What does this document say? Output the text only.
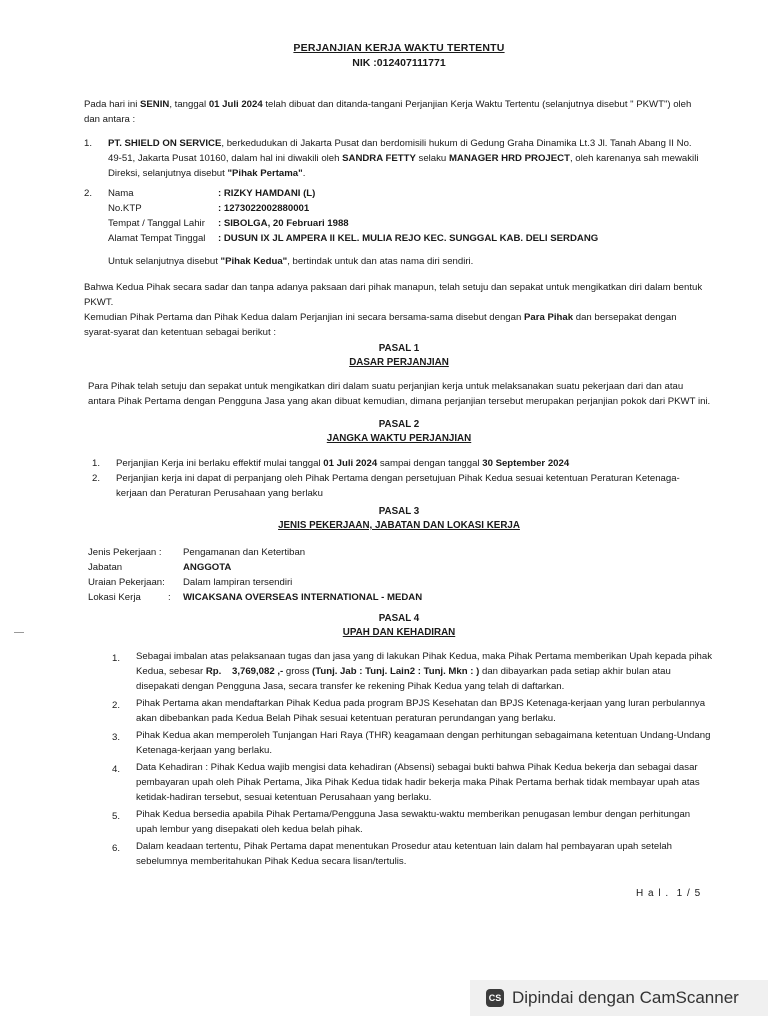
PERJANJIAN KERJA WAKTU TERTENTU
NIK :012407111771
Pada hari ini SENIN, tanggal 01 Juli 2024 telah dibuat dan ditanda-tangani Perjanjian Kerja Waktu Tertentu (selanjutnya disebut " PKWT") oleh
dan antara :
1.	PT. SHIELD ON SERVICE, berkedudukan di Jakarta Pusat dan berdomisili hukum di Gedung Graha Dinamika Lt.3 Jl. Tanah Abang II No.
49-51, Jakarta Pusat 10160, dalam hal ini diwakili oleh SANDRA FETTY selaku MANAGER HRD PROJECT, oleh karenanya sah mewakili
Direksi, selanjutnya disebut "Pihak Pertama".
2.	Nama	: RIZKY HAMDANI (L)
No.KTP	: 1273022002880001
Tempat / Tanggal Lahir : SIBOLGA, 20 Februari 1988
Alamat Tempat Tinggal : DUSUN IX JL AMPERA II KEL. MULIA REJO KEC. SUNGGAL KAB. DELI SERDANG
Untuk selanjutnya disebut "Pihak Kedua", bertindak untuk dan atas nama diri sendiri.
Bahwa Kedua Pihak secara sadar dan tanpa adanya paksaan dari pihak manapun, telah setuju dan sepakat untuk mengikatkan diri dalam bentuk
PKWT.
Kemudian Pihak Pertama dan Pihak Kedua dalam Perjanjian ini secara bersama-sama disebut dengan Para Pihak dan bersepakat dengan
syarat-syarat dan ketentuan sebagai berikut :
PASAL 1
DASAR PERJANJIAN
Para Pihak telah setuju dan sepakat untuk mengikatkan diri dalam suatu perjanjian kerja untuk melaksanakan suatu pekerjaan dari dan atau
antara Pihak Pertama dengan Pengguna Jasa yang akan dibuat kemudian, dimana perjanjian tersebut merupakan perjanjian pokok dari PKWT ini.
PASAL 2
JANGKA WAKTU PERJANJIAN
1. Perjanjian Kerja ini berlaku effektif mulai tanggal 01 Juli 2024 sampai dengan tanggal 30 September 2024
2. Perjanjian kerja ini dapat di perpanjang oleh Pihak Pertama dengan persetujuan Pihak Kedua sesuai ketentuan Peraturan Ketenaga-
kerjaan dan Peraturan Perusahaan yang berlaku
PASAL 3
JENIS PEKERJAAN, JABATAN DAN LOKASI KERJA
Jenis Pekerjaan : Pengamanan dan Ketertiban
Jabatan	ANGGOTA
Uraian Pekerjaan: Dalam lampiran tersendiri
Lokasi Kerja	: WICAKSANA OVERSEAS INTERNATIONAL - MEDAN
PASAL 4
UPAH DAN KEHADIRAN
1. Sebagai imbalan atas pelaksanaan tugas dan jasa yang di lakukan Pihak Kedua, maka Pihak Pertama memberikan Upah kepada pihak
Kedua, sebesar Rp.    3,769,082 ,- gross (Tunj. Jab : Tunj. Lain2 : Tunj. Mkn : ) dan dibayarkan pada setiap akhir bulan atau
disepakati dengan Pengguna Jasa, secara transfer ke rekening Pihak Kedua yang telah di daftarkan.
2. Pihak Pertama akan mendaftarkan Pihak Kedua pada program BPJS Kesehatan dan BPJS Ketenaga-kerjaan yang luran perbulannya
akan dibebankan pada Kedua Belah Pihak sesuai ketentuan peraturan perundangan yang berlaku.
3. Pihak Kedua akan memperoleh Tunjangan Hari Raya (THR) keagamaan dengan perhitungan sebagaimana ketentuan Undang-Undang
Ketenaga-kerjaan yang berlaku.
4. Data Kehadiran : Pihak Kedua wajib mengisi data kehadiran (Absensi) sebagai bukti bahwa Pihak Kedua bekerja dan sebagai dasar
pembayaran upah oleh Pihak Pertama, Jika Pihak Kedua tidak hadir bekerja maka Pihak Pertama berhak tidak membayar upah atas
ketidak-hadiran tersebut, sesuai ketentuan Perusahaan yang berlaku.
5. Pihak Kedua bersedia apabila Pihak Pertama/Pengguna Jasa sewaktu-waktu memberikan penugasan lembur dengan perhitungan
upah lembur yang disepakati oleh kedua belah pihak.
6. Dalam keadaan tertentu, Pihak Pertama dapat menentukan Prosedur atau ketentuan lain dalam hal pembayaran upah setelah
sebelumnya memberitahukan Pihak Kedua secara lisan/tertulis.
H a l .  1 / 5
CS Dipindai dengan CamScanner
